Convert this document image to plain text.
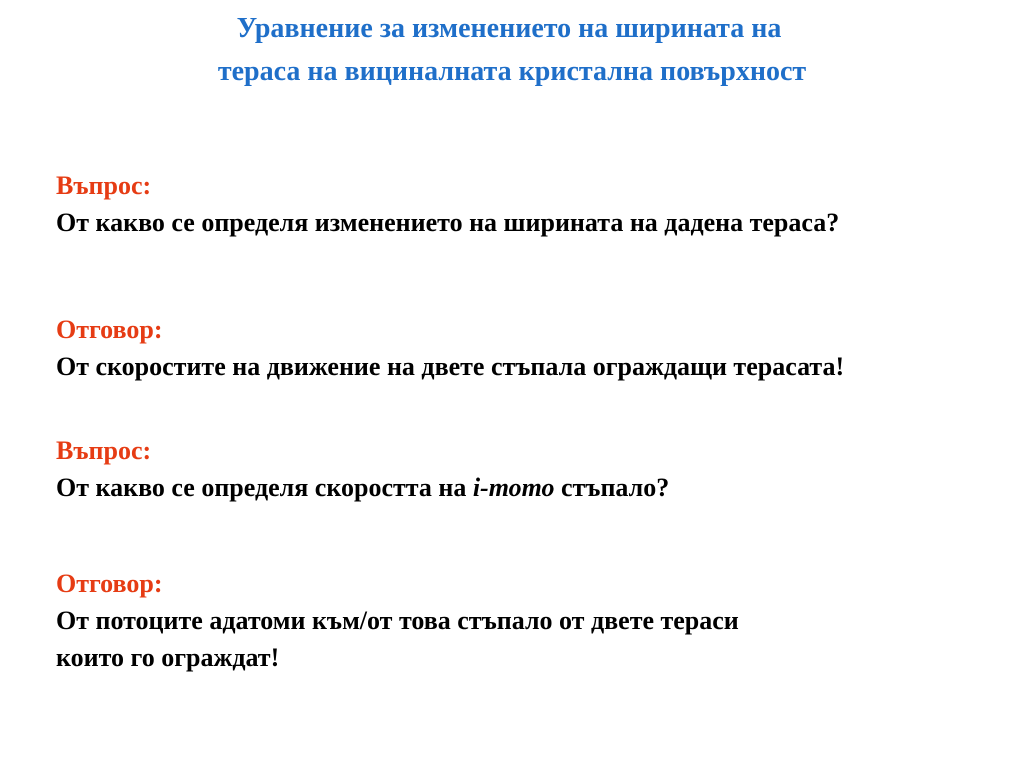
Уравнение за изменението на ширината на
тераса на вициналната кристална повърхност
Въпрос:
От какво се определя изменението на ширината на дадена тераса?
Отговор:
От скоростите на движение на двете стъпала ограждащи терасата!
Въпрос:
От какво се определя скоростта на i-тото стъпало?
Отговор:
От потоците адатоми към/от това стъпало от двете тераси
които го ограждат!
